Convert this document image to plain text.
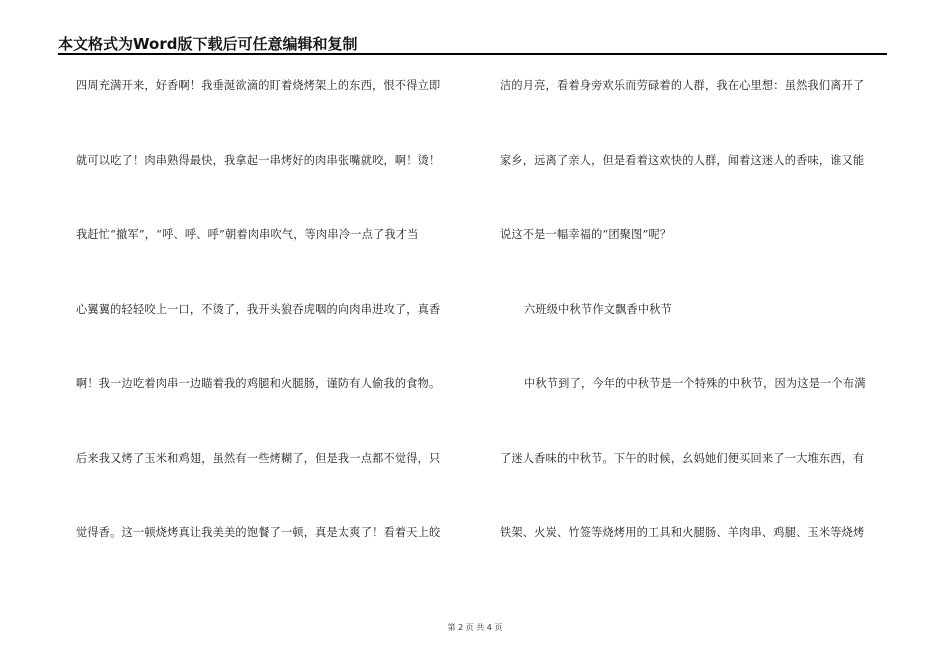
本文格式为Word版下载后可任意编辑和复制
四周充满开来，好香啊！我垂涎欲滴的盯着烧烤架上的东西，恨不得立即
就可以吃了！肉串熟得最快，我拿起一串烤好的肉串张嘴就咬，啊！烫！
我赶忙“撤军”，“呼、呼、呼”朝着肉串吹气，等肉串冷一点了我才当
心翼翼的轻轻咬上一口，不烫了，我开头狼吞虎咽的向肉串进攻了，真香
啊！我一边吃着肉串一边瞄着我的鸡腿和火腿肠，谨防有人偷我的食物。
后来我又烤了玉米和鸡翅，虽然有一些烤糊了，但是我一点都不觉得，只
觉得香。这一顿烧烤真让我美美的饱餐了一顿，真是太爽了！看着天上皎
洁的月亮，看着身旁欢乐而劳碌着的人群，我在心里想：虽然我们离开了
家乡，远离了亲人，但是看着这欢快的人群，闻着这迷人的香味，谁又能
说这不是一幅幸福的“团聚图”呢？
六班级中秋节作文飘香中秋节
中秋节到了，今年的中秋节是一个特殊的中秋节，因为这是一个布满
了迷人香味的中秋节。下午的时候，幺妈她们便买回来了一大堆东西，有
铁架、火炭、竹签等烧烤用的工具和火腿肠、羊肉串、鸡腿、玉米等烧烤
第 2 页 共 4 页
